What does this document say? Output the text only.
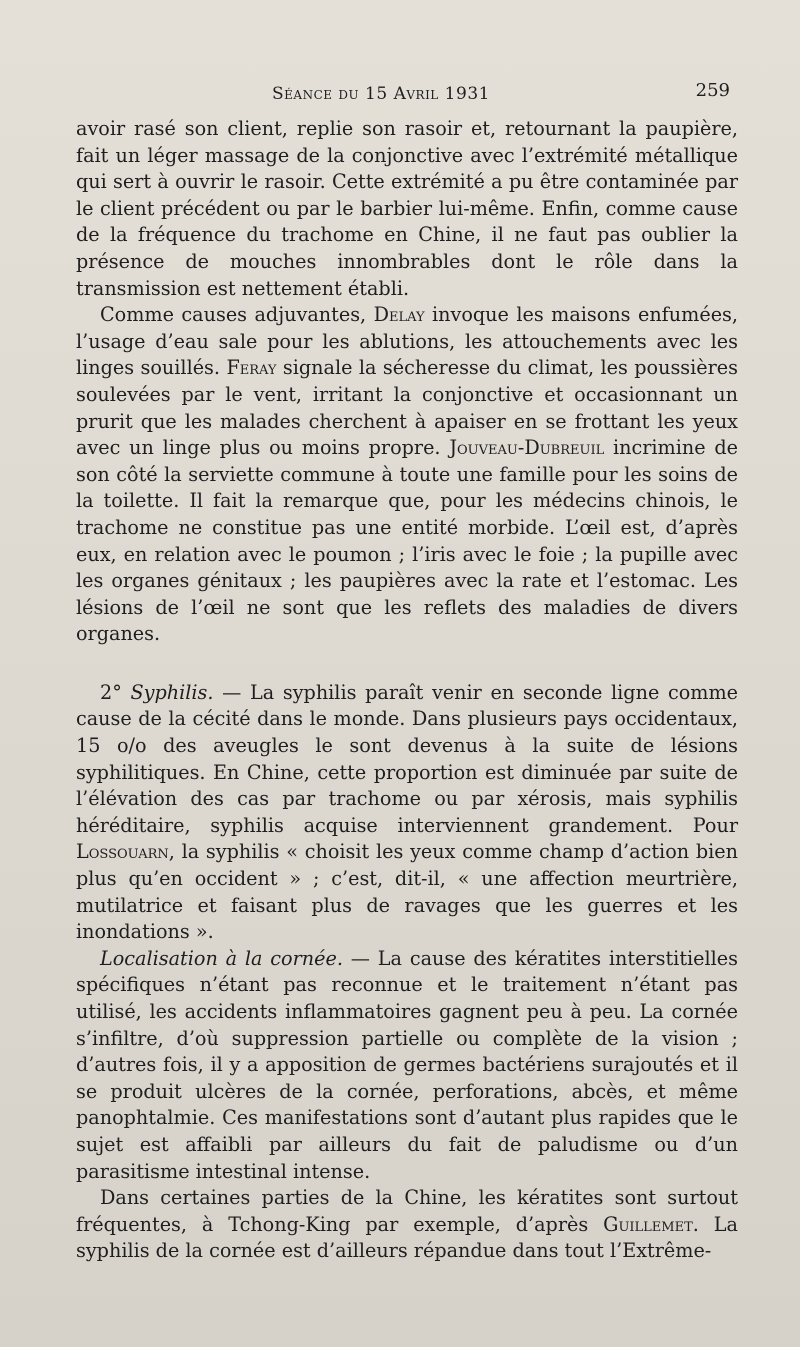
Séance du 15 Avril 1931	259

avoir rasé son client, replie son rasoir et, retournant la paupière, fait un léger massage de la conjonctive avec l’extrémité métallique qui sert à ouvrir le rasoir. Cette extrémité a pu être contaminée par le client précédent ou par le barbier lui-même. Enfin, comme cause de la fréquence du trachome en Chine, il ne faut pas oublier la présence de mouches innombrables dont le rôle dans la transmission est nettement établi.

Comme causes adjuvantes, Delay invoque les maisons enfumées, l’usage d’eau sale pour les ablutions, les attouchements avec les linges souillés. Feray signale la sécheresse du climat, les poussières soulevées par le vent, irritant la conjonctive et occasionnant un prurit que les malades cherchent à apaiser en se frottant les yeux avec un linge plus ou moins propre. Jouveau-Dubreuil incrimine de son côté la serviette commune à toute une famille pour les soins de la toilette. Il fait la remarque que, pour les médecins chinois, le trachome ne constitue pas une entité morbide. L’œil est, d’après eux, en relation avec le poumon ; l’iris avec le foie ; la pupille avec les organes génitaux ; les paupières avec la rate et l’estomac. Les lésions de l’œil ne sont que les reflets des maladies de divers organes.

2° Syphilis. — La syphilis paraît venir en seconde ligne comme cause de la cécité dans le monde. Dans plusieurs pays occidentaux, 15 o/o des aveugles le sont devenus à la suite de lésions syphilitiques. En Chine, cette proportion est diminuée par suite de l’élévation des cas par trachome ou par xérosis, mais syphilis héréditaire, syphilis acquise interviennent grandement. Pour Lossouarn, la syphilis « choisit les yeux comme champ d’action bien plus qu’en occident » ; c’est, dit-il, « une affection meurtrière, mutilatrice et faisant plus de ravages que les guerres et les inondations ».

Localisation à la cornée. — La cause des kératites interstitielles spécifiques n’étant pas reconnue et le traitement n’étant pas utilisé, les accidents inflammatoires gagnent peu à peu. La cornée s’infiltre, d’où suppression partielle ou complète de la vision ; d’autres fois, il y a apposition de germes bactériens surajoutés et il se produit ulcères de la cornée, perforations, abcès, et même panophtalmie. Ces manifestations sont d’autant plus rapides que le sujet est affaibli par ailleurs du fait de paludisme ou d’un parasitisme intestinal intense.

Dans certaines parties de la Chine, les kératites sont surtout fréquentes, à Tchong-King par exemple, d’après Guillemet. La syphilis de la cornée est d’ailleurs répandue dans tout l’Extrême-
